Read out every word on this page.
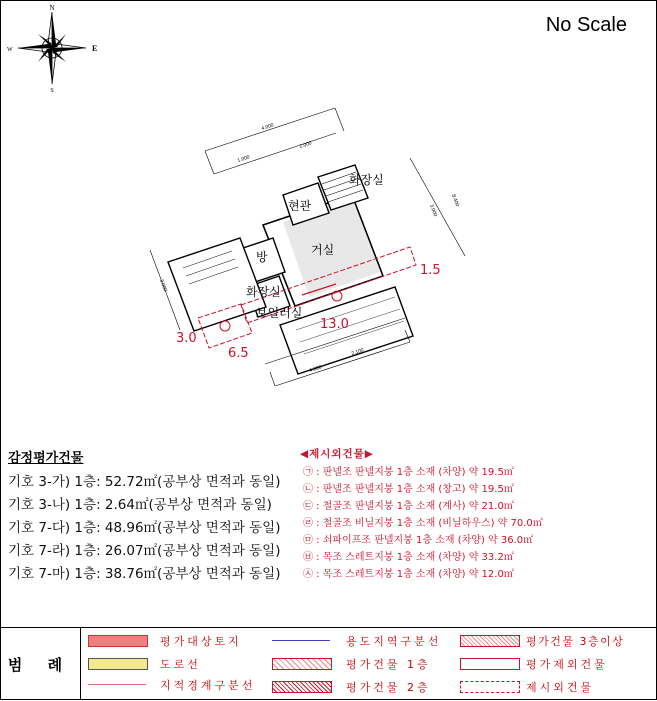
No Scale
N
E
S
W
4.000
1.000
2.000
3.000
8.400
3.000
4.000
2.100
화장실
현관
거실
방
화장실
보일러실
1.5
13.0
3.0
6.5
감정평가건물
기호 3-가) 1층: 52.72㎡(공부상 면적과 동일)
기호 3-나) 1층: 2.64㎡(공부상 면적과 동일)
기호 7-다) 1층: 48.96㎡(공부상 면적과 동일)
기호 7-라) 1층: 26.07㎡(공부상 면적과 동일)
기호 7-마) 1층: 38.76㎡(공부상 면적과 동일)
◀제시외건물▶
㉠ : 판넬조 판넬지붕 1층 소재 (차양) 약 19.5㎡
㉡ : 판넬조 판넬지붕 1층 소재 (창고) 약 19.5㎡
㉢ : 철골조 판넬지붕 1층 소재 (계사) 약 21.0㎡
㉣ : 철골조 비닐지붕 1층 소재 (비닐하우스) 약 70.0㎡
㉤ : 쇠파이프조 판넬지붕 1층 소재 (차양) 약 36.0㎡
㉥ : 목조 스레트지붕 1층 소재 (차양) 약 33.2㎡
㉦ : 목조 스레트지붕 1층 소재 (차양) 약 12.0㎡
범 례
평가대상토지
도로선
지적경계구분선
용도지역구분선
평가건물 1층
평가건물 2층
평가건물 3층이상
평가제외건물
제시외건물
